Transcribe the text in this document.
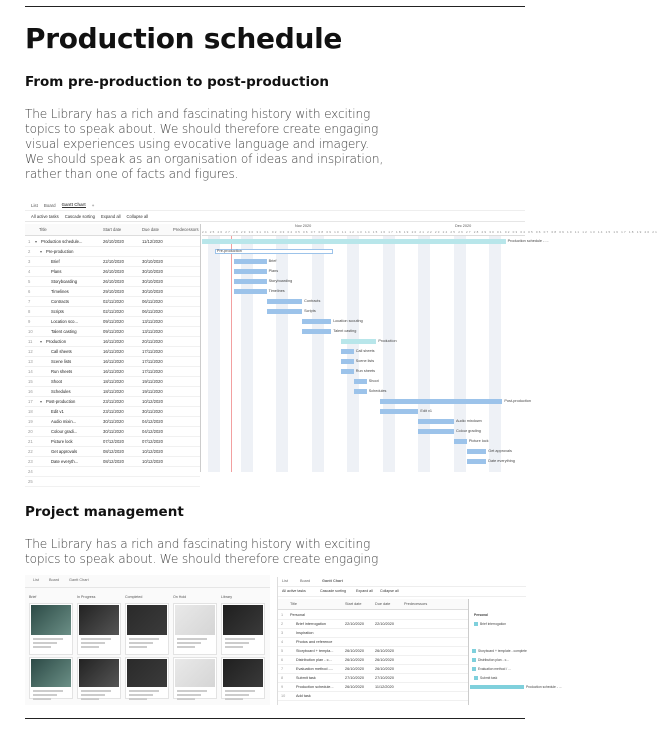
Production schedule
From pre-production to post-production

The Library has a rich and fascinating history with exciting
topics to speak about. We should therefore create engaging
visual experiences using evocative language and imagery.
We should speak as an organisation of ideas and inspiration,
rather than one of facts and figures.

List Board Gantt Chart +
All active tasks Cascade sorting Expand all Collapse all
Title	Start date	Due date	Predecessors
Nov 2020	Dec 2020
24 25 26 27 28 29 30 31 01 02 03 04 05 06 07 08 09 10 11 12 13 14 15 16 17 18 19 20 21 22 23 24 25 26 27 28 29 30 01 02 03 04 05 06 07 08 09 10 11 12 13 14 15 16 17 18 19 20 21
1 ▾ Production schedule...	26/10/2020	11/12/2020
2 ▾ Pre-production
3	Brief	22/10/2020	30/10/2020
4	Plans	26/10/2020	30/10/2020
5	Storyboarding	26/10/2020	30/10/2020
6	Timelines	29/10/2020	30/10/2020
7	Contracts	02/11/2020	06/11/2020
8	Scripts	02/11/2020	06/11/2020
9	Location sco...	09/11/2020	13/11/2020
10	Talent casting	09/11/2020	13/11/2020
11 ▾ Production	16/11/2020	20/11/2020
12	Call sheets	16/11/2020	17/11/2020
13	Scene lists	16/11/2020	17/11/2020
14	Run sheets	16/11/2020	17/11/2020
15	Shoot	18/11/2020	19/11/2020
16	Schedules	18/11/2020	19/11/2020
17 ▾ Post-production	23/11/2020	10/12/2020
18	Edit v1	23/11/2020	30/11/2020
19	Audio mixin...	30/11/2020	04/12/2020
20	Colour gradi...	30/11/2020	04/12/2020
21	Picture lock	07/12/2020	07/12/2020
22	Get approvals	08/12/2020	10/12/2020
23	Date everyth...	08/12/2020	10/12/2020
24
25
Production schedule - ...
Pre-production
Brief
Plans
Storyboarding
Timelines
Contracts
Scripts
Location scouting
Talent casting
Production
Call sheets
Scene lists
Run sheets
Shoot
Schedules
Post-production
Edit v1
Audio mixdown
Colour grading
Picture lock
Get approvals
Date everything
Project management

The Library has a rich and fascinating history with exciting
topics to speak about. We should therefore create engaging

List	Board	Gantt Chart
Brief	In Progress	Completed	On Hold	Library
List	Board	Gantt Chart
All active tasks	Cascade sorting	Expand all Collapse all
Title	Start date	Due date	Predecessors
Personal
1 Personal
2	Brief interrogation	22/10/2020	22/10/2020
3	Inspiration
4	Photos and reference
5	Storyboard + templa...	26/10/2020	26/10/2020
6	Distribution plan - c...	26/10/2020	26/10/2020
7	Evaluation method -...	26/10/2020	26/10/2020
8	Submit task	27/10/2020	27/10/2020
9	Production schedule...	26/10/2020	11/12/2020
10	Add task
Brief interrogation
Storyboard + template - complete
Distribution plan - c...
Evaluation method / ...
Submit task
Production schedule - ...
